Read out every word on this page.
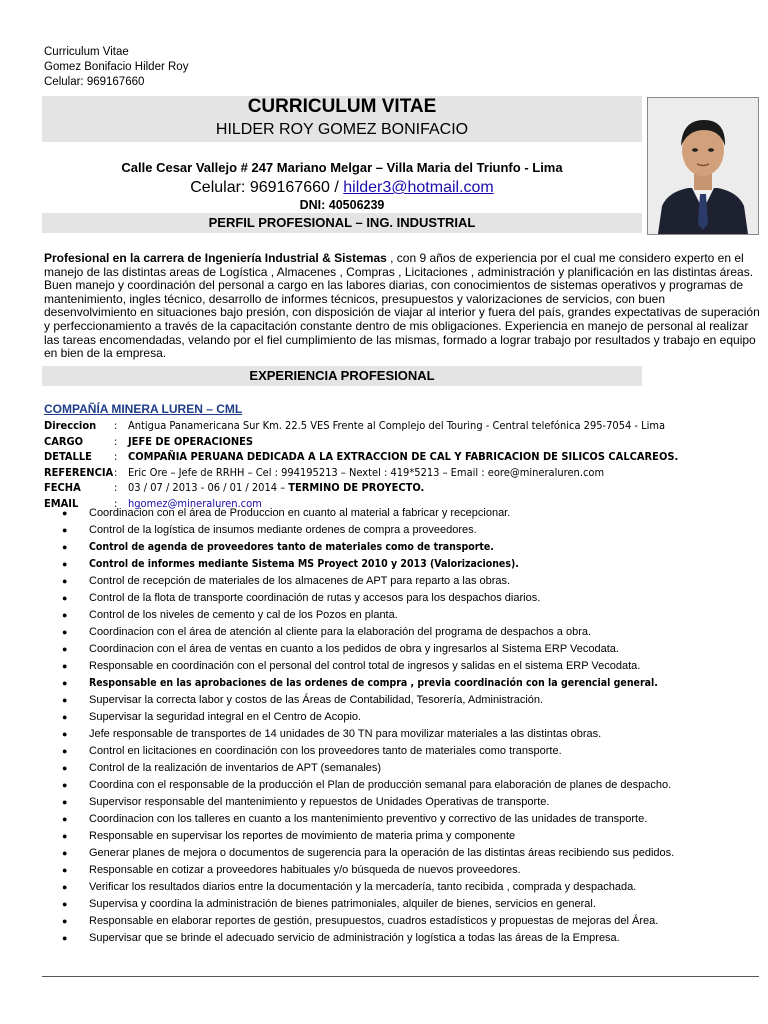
Curriculum Vitae
Gomez Bonifacio Hilder Roy
Celular: 969167660
CURRICULUM VITAE
HILDER ROY GOMEZ BONIFACIO
Calle Cesar Vallejo # 247 Mariano Melgar – Villa Maria del Triunfo - Lima
Celular: 969167660 / hilder3@hotmail.com
DNI: 40506239
PERFIL PROFESIONAL – ING. INDUSTRIAL

Profesional en la carrera de Ingeniería Industrial & Sistemas , con 9 años de experiencia por el cual me considero experto en el manejo de las distintas areas de Logística , Almacenes , Compras , Licitaciones , administración y planificación en las distintas áreas.

Buen manejo y coordinación del personal a cargo en las labores diarias, con conocimientos de sistemas operativos y programas de mantenimiento, ingles técnico, desarrollo de informes técnicos, presupuestos y valorizaciones de servicios, con buen desenvolvimiento en situaciones bajo presión, con disposición de viajar al interior y fuera del país, grandes expectativas de superación y perfeccionamiento a través de la capacitación constante dentro de mis obligaciones. Experiencia en manejo de personal al realizar las tareas encomendadas, velando por el fiel cumplimiento de las mismas, formado a lograr trabajo por resultados y trabajo en equipo en bien de la empresa.

EXPERIENCIA PROFESIONAL
COMPAÑÍA MINERA LUREN – CML
Direccion	: Antigua Panamericana Sur Km. 22.5 VES Frente al Complejo del Touring - Central telefónica 295-7054 - Lima
CARGO	: JEFE DE OPERACIONES
DETALLE	: COMPAÑIA PERUANA DEDICADA A LA EXTRACCION DE CAL Y FABRICACION DE SILICOS CALCAREOS.
REFERENCIA : Eric Ore – Jefe de RRHH – Cel : 994195213 – Nextel : 419*5213 – Email : eore@mineraluren.com
FECHA	: 03 / 07 / 2013 - 06 / 01 / 2014 – TERMINO DE PROYECTO.
EMAIL	: hgomez@mineraluren.com
●	Coordinacion con el área de Produccion en cuanto al material a fabricar y recepcionar.
●	Control de la logística de insumos mediante ordenes de compra a proveedores.
●	Control de agenda de proveedores tanto de materiales como de transporte.
●	Control de informes mediante Sistema MS Proyect 2010 y 2013 (Valorizaciones).
●	Control de recepción de materiales de los almacenes de APT para reparto a las obras.
●	Control de la flota de transporte coordinación de rutas y accesos para los despachos diarios.
●	Control de los niveles de cemento y cal de los Pozos en planta.
●	Coordinacion con el área de atención al cliente para la elaboración del programa de despachos a obra.
●	Coordinacion con el área de ventas en cuanto a los pedidos de obra y ingresarlos al Sistema ERP Vecodata.
●	Responsable en coordinación con el personal del control total de ingresos y salidas en el sistema ERP Vecodata.
●	Responsable en las aprobaciones de las ordenes de compra , previa coordinación con la gerencial general.
●	Supervisar la correcta labor y costos de las Áreas de Contabilidad, Tesorería, Administración.
●	Supervisar la seguridad integral en el Centro de Acopio.
●	Jefe responsable de transportes de 14 unidades de 30 TN para movilizar materiales a las distintas obras.
●	Control en licitaciones en coordinación con los proveedores tanto de materiales como transporte.
●	Control de la realización de inventarios de APT (semanales)
●	Coordina con el responsable de la producción el Plan de producción semanal para elaboración de planes de despacho.
●	Supervisor responsable del mantenimiento y repuestos de Unidades Operativas de transporte.
●	Coordinacion con los talleres en cuanto a los mantenimiento preventivo y correctivo de las unidades de transporte.
●	Responsable en supervisar los reportes de movimiento de materia prima y componente
●	Generar planes de mejora o documentos de sugerencia para la operación de las distintas áreas recibiendo sus pedidos.
●	Responsable en cotizar a proveedores habituales y/o búsqueda de nuevos proveedores.
●	Verificar los resultados diarios entre la documentación y la mercadería, tanto recibida , comprada y despachada.
●	Supervisa y coordina la administración de bienes patrimoniales, alquiler de bienes, servicios en general.
●	Responsable en elaborar reportes de gestión, presupuestos, cuadros estadísticos y propuestas de mejoras del Área.
●	Supervisar que se brinde el adecuado servicio de administración y logística a todas las áreas de la Empresa.
